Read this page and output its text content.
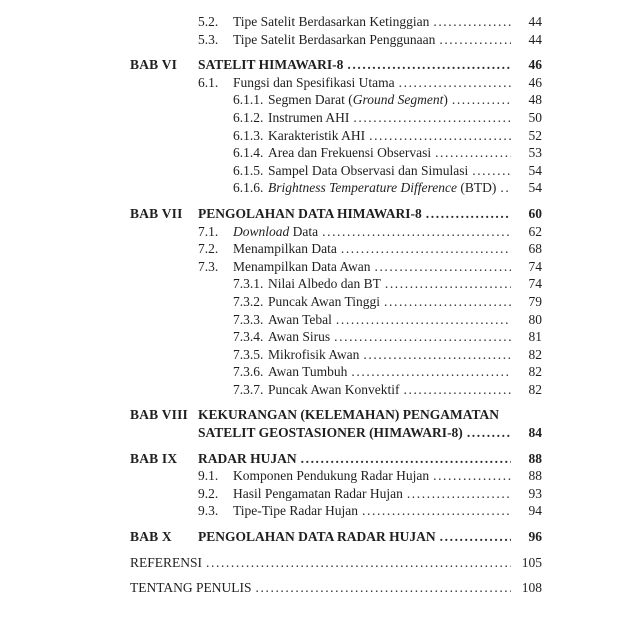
5.2.	Tipe Satelit Berdasarkan Ketinggian .....	44
5.3.	Tipe Satelit Berdasarkan Penggunaan .....	44
BAB VI	SATELIT HIMAWARI-8 .....	46
6.1.	Fungsi dan Spesifikasi Utama .....	46
6.1.1. Segmen Darat (Ground Segment) .....	48
6.1.2. Instrumen AHI .....	50
6.1.3. Karakteristik AHI .....	52
6.1.4. Area dan Frekuensi Observasi .....	53
6.1.5. Sampel Data Observasi dan Simulasi .....	54
6.1.6. Brightness Temperature Difference (BTD) .....	54
BAB VII	PENGOLAHAN DATA HIMAWARI-8 .....	60
7.1.	Download Data .....	62
7.2.	Menampilkan Data .....	68
7.3.	Menampilkan Data Awan .....	74
7.3.1. Nilai Albedo dan BT .....	74
7.3.2. Puncak Awan Tinggi .....	79
7.3.3. Awan Tebal .....	80
7.3.4. Awan Sirus .....	81
7.3.5. Mikrofisik Awan .....	82
7.3.6. Awan Tumbuh .....	82
7.3.7. Puncak Awan Konvektif .....	82
BAB VIII KEKURANGAN (KELEMAHAN) PENGAMATAN
SATELIT GEOSTASIONER (HIMAWARI-8) .....	84
BAB IX	RADAR HUJAN .....	88
9.1.	Komponen Pendukung Radar Hujan .....	88
9.2.	Hasil Pengamatan Radar Hujan .....	93
9.3.	Tipe-Tipe Radar Hujan .....	94
BAB X	PENGOLAHAN DATA RADAR HUJAN .....	96
REFERENSI .....	105
TENTANG PENULIS .....	108
